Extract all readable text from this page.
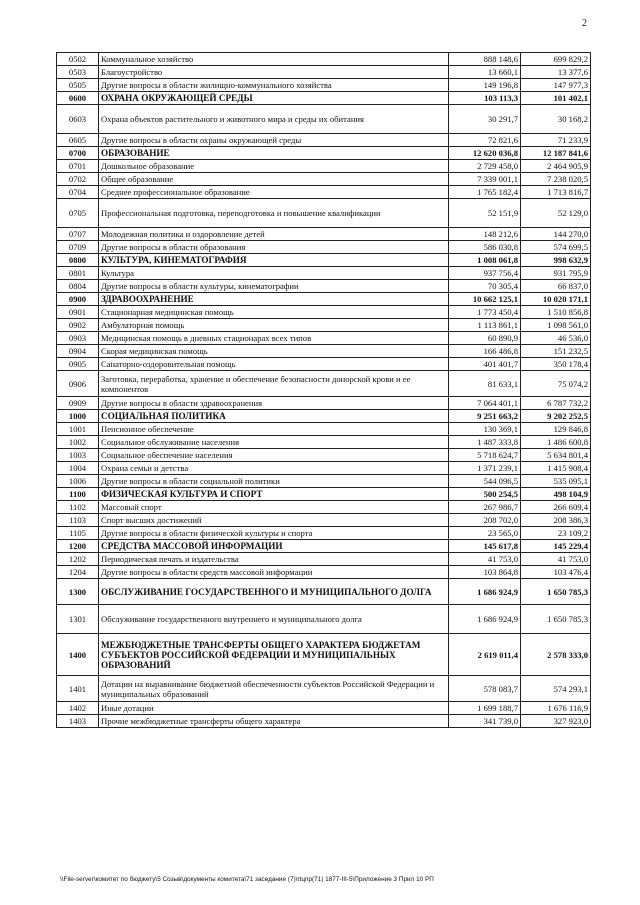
2
0502	Коммунальное хозяйство	888 148,6	699 829,2
0503	Благоустройство	13 660,1	13 377,6
0505	Другие вопросы в области жилищно-коммунального хозяйства	149 196,8	147 977,3
0600	ОХРАНА ОКРУЖАЮЩЕЙ СРЕДЫ	103 113,3	101 402,1
0603	Охрана объектов растительного и животного мира и среды их обитания	30 291,7	30 168,2
0605	Другие вопросы в области охраны окружающей среды	72 821,6	71 233,9
0700	ОБРАЗОВАНИЕ	12 620 036,8	12 187 841,6
0701	Дошкольное образование	2 729 458,0	2 464 905,9
0702	Общее образование	7 339 001,1	7 238 020,5
0704	Среднее профессиональное образование	1 765 182,4	1 713 816,7
0705	Профессиональная подготовка, переподготовка и повышение квалификации	52 151,9	52 129,0
0707	Молодежная политика и оздоровление детей	148 212,6	144 270,0
0709	Другие вопросы в области образования	586 030,8	574 699,5
0800	КУЛЬТУРА, КИНЕМАТОГРАФИЯ	1 008 061,8	998 632,9
0801	Культура	937 756,4	931 795,9
0804	Другие вопросы в области культуры, кинематографии	70 305,4	66 837,0
0900	ЗДРАВООХРАНЕНИЕ	10 662 125,1	10 020 171,1
0901	Стационарная медицинская помощь	1 773 450,4	1 510 856,8
0902	Амбулаторная помощь	1 113 861,1	1 098 561,0
0903	Медицинская помощь в дневных стационарах всех типов	60 890,9	46 536,0
0904	Скорая медицинская помощь	166 486,8	151 232,5
0905	Санаторно-оздоровительная помощь	401 401,7	350 178,4
0906	Заготовка, переработка, хранение и обеспечение безопасности донорской крови и ее компонентов	81 633,1	75 074,2
0909	Другие вопросы в области здравоохранения	7 064 401,1	6 787 732,2
1000	СОЦИАЛЬНАЯ ПОЛИТИКА	9 251 663,2	9 202 252,5
1001	Пенсионное обеспечение	130 369,1	129 846,8
1002	Социальное обслуживание населения	1 487 333,8	1 486 600,8
1003	Социальное обеспечение населения	5 718 624,7	5 634 801,4
1004	Охрана семьи и детства	1 371 239,1	1 415 908,4
1006	Другие вопросы в области социальной политики	544 096,5	535 095,1
1100	ФИЗИЧЕСКАЯ КУЛЬТУРА И СПОРТ	500 254,5	498 104,9
1102	Массовый спорт	267 986,7	266 609,4
1103	Спорт высших достижений	208 702,0	208 386,3
1105	Другие вопросы в области физической культуры и спорта	23 565,0	23 109,2
1200	СРЕДСТВА МАССОВОЙ ИНФОРМАЦИИ	145 617,8	145 229,4
1202	Периодическая печать и издательства	41 753,0	41 753,0
1204	Другие вопросы в области средств массовой информации	103 864,8	103 476,4
1300	ОБСЛУЖИВАНИЕ ГОСУДАРСТВЕННОГО И МУНИЦИПАЛЬНОГО ДОЛГА	1 686 924,9	1 650 785,3
1301	Обслуживание государственного внутреннего и муниципального долга	1 686 924,9	1 650 785,3
1400	МЕЖБЮДЖЕТНЫЕ ТРАНСФЕРТЫ ОБЩЕГО ХАРАКТЕРА БЮДЖЕТАМ СУБЪЕКТОВ РОССИЙСКОЙ ФЕДЕРАЦИИ И МУНИЦИПАЛЬНЫХ ОБРАЗОВАНИЙ	2 619 011,4	2 578 333,0
1401	Дотации на выравнивание бюджетной обеспеченности субъектов Российской Федерации и муниципальных образований	578 083,7	574 293,1
1402	Иные дотации	1 699 188,7	1 676 116,9
1403	Прочие межбюджетные трансферты общего характера	341 739,0	327 923,0
\\File-server\комитет по бюджету\5 Созыв\документы комитета\71 заседание (7)\rtцпр(71) 1877-III-5\Приложение 3 Прил 10 РП
